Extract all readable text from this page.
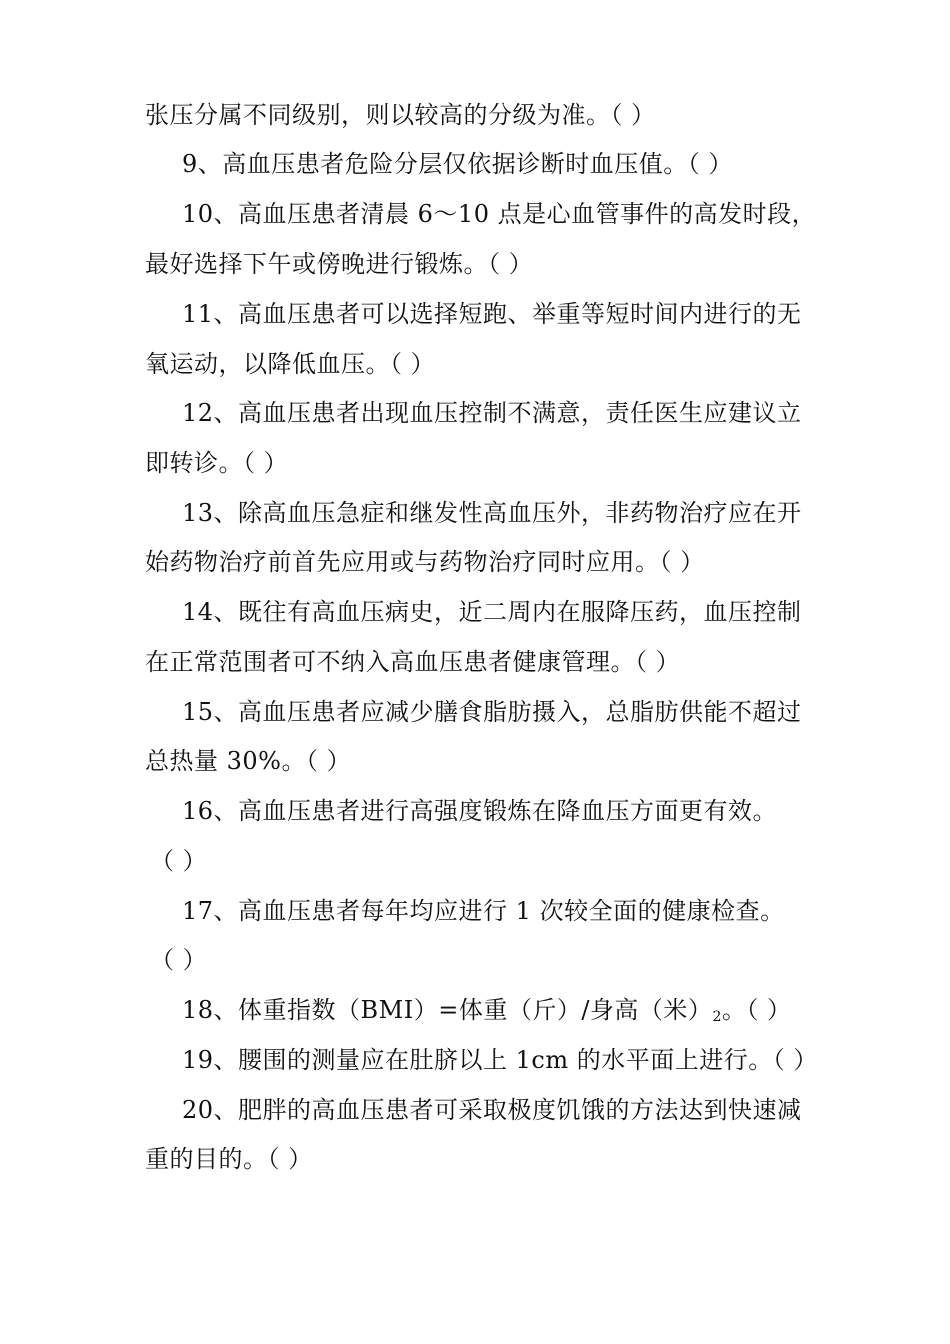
张压分属不同级别，则以较高的分级为准。（ ）
9、高血压患者危险分层仅依据诊断时血压值。（ ）
10、高血压患者清晨 6～10 点是心血管事件的高发时段，
最好选择下午或傍晚进行锻炼。（ ）
11、高血压患者可以选择短跑、举重等短时间内进行的无
氧运动，以降低血压。（ ）
12、高血压患者出现血压控制不满意，责任医生应建议立
即转诊。（ ）
13、除高血压急症和继发性高血压外，非药物治疗应在开
始药物治疗前首先应用或与药物治疗同时应用。（ ）
14、既往有高血压病史，近二周内在服降压药，血压控制
在正常范围者可不纳入高血压患者健康管理。（ ）
15、高血压患者应减少膳食脂肪摄入，总脂肪供能不超过
总热量 30%。（ ）
16、高血压患者进行高强度锻炼在降血压方面更有效。
（ ）
17、高血压患者每年均应进行 1 次较全面的健康检查。
（ ）
18、体重指数（BMI）=体重（斤）/身高（米）$_2$。（ ）
19、腰围的测量应在肚脐以上 1cm 的水平面上进行。（ ）
20、肥胖的高血压患者可采取极度饥饿的方法达到快速减
重的目的。（ ）
